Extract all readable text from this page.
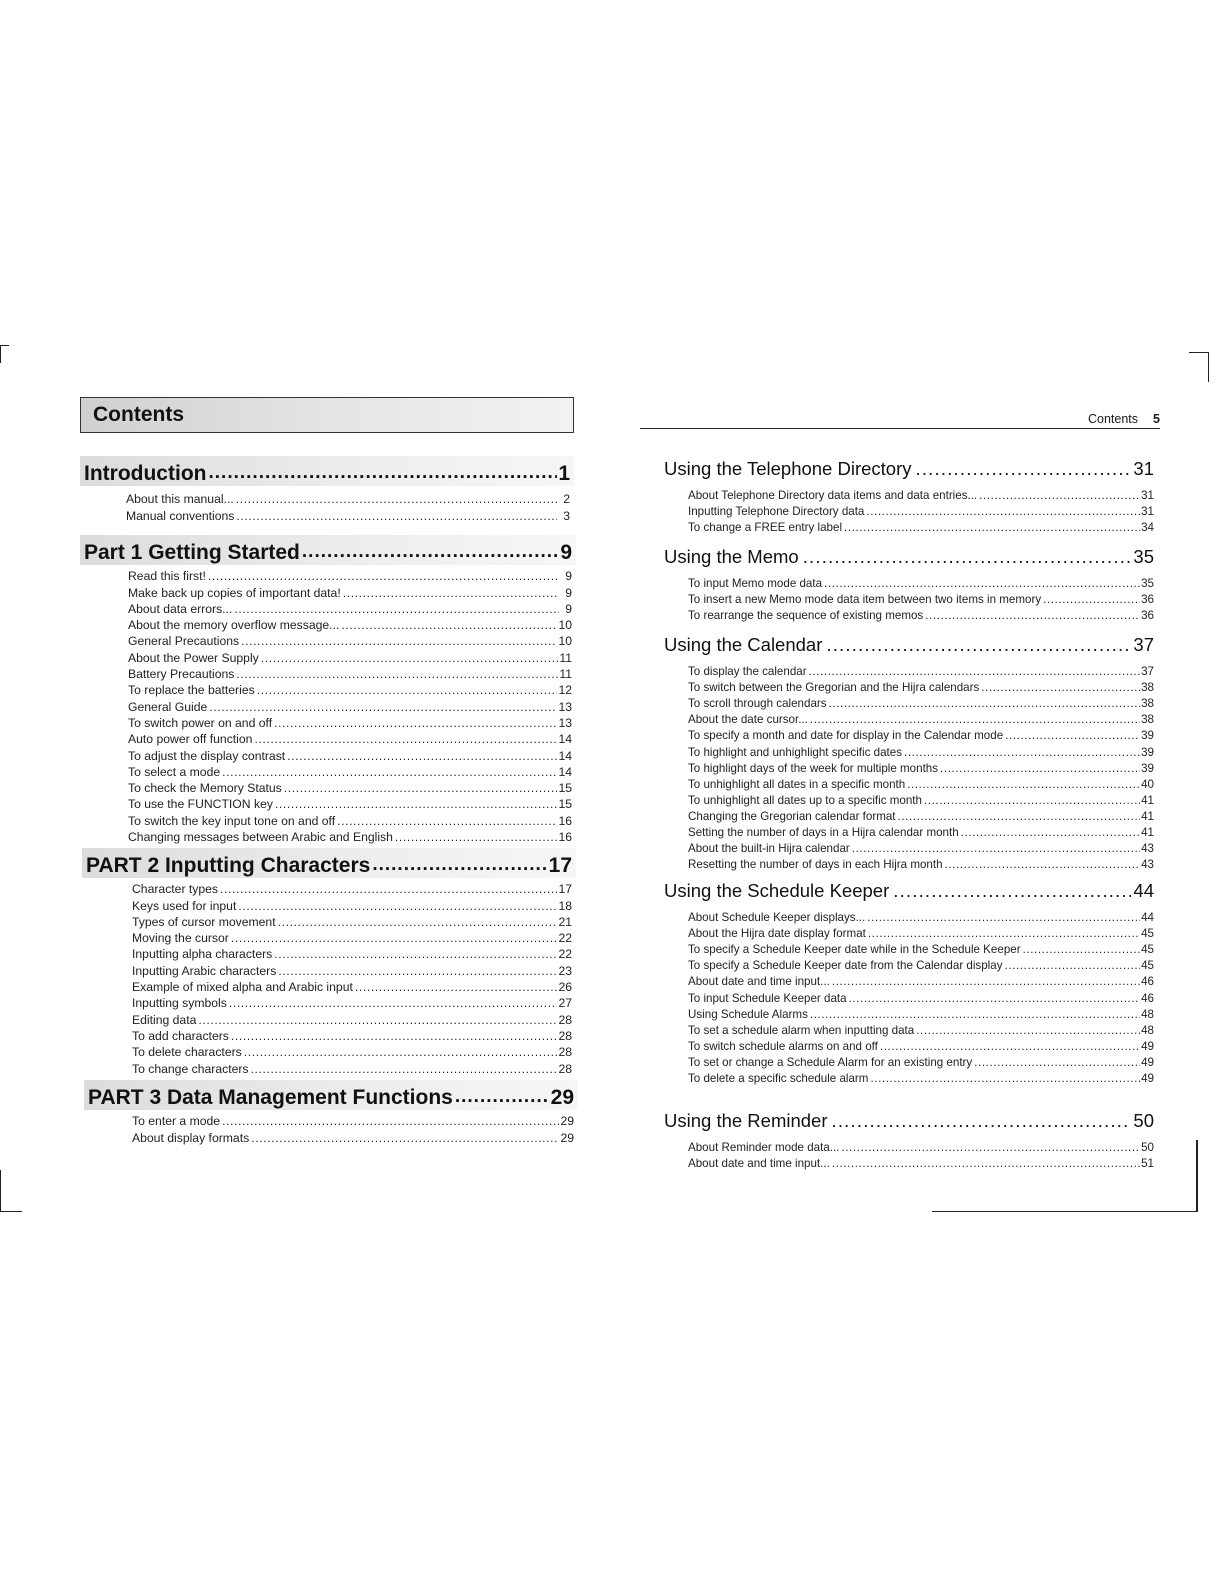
Contents
Introduction .....	1
About this manual... .....	2
Manual conventions .....	3
Part 1 Getting Started .....	9
Read this first! .....	9
Make back up copies of important data! .....	9
About data errors... .....	9
About the memory overflow message... .....	10
General Precautions .....	10
About the Power Supply .....	11
Battery Precautions .....	11
To replace the batteries .....	12
General Guide .....	13
To switch power on and off .....	13
Auto power off function .....	14
To adjust the display contrast .....	14
To select a mode .....	14
To check the Memory Status .....	15
To use the FUNCTION key .....	15
To switch the key input tone on and off .....	16
Changing messages between Arabic and English .....	16
PART 2 Inputting Characters .....	17
Character types .....	17
Keys used for input .....	18
Types of cursor movement .....	21
Moving the cursor .....	22
Inputting alpha characters .....	22
Inputting Arabic characters .....	23
Example of mixed alpha and Arabic input .....	26
Inputting symbols .....	27
Editing data .....	28
To add characters .....	28
To delete characters .....	28
To change characters .....	28
PART 3 Data Management Functions .....	29
To enter a mode .....	29
About display formats .....	29
Contents 5
Using the Telephone Directory .....	31
About Telephone Directory data items and data entries... .....	31
Inputting Telephone Directory data .....	31
To change a FREE entry label .....	34
Using the Memo .....	35
To input Memo mode data .....	35
To insert a new Memo mode data item between two items in memory .....	36
To rearrange the sequence of existing memos .....	36
Using the Calendar .....	37
To display the calendar .....	37
To switch between the Gregorian and the Hijra calendars .....	38
To scroll through calendars .....	38
About the date cursor... .....	38
To specify a month and date for display in the Calendar mode .....	39
To highlight and unhighlight specific dates .....	39
To highlight days of the week for multiple months .....	39
To unhighlight all dates in a specific month .....	40
To unhighlight all dates up to a specific month .....	41
Changing the Gregorian calendar format .....	41
Setting the number of days in a Hijra calendar month .....	41
About the built-in Hijra calendar .....	43
Resetting the number of days in each Hijra month .....	43
Using the Schedule Keeper .....	44
About Schedule Keeper displays... .....	44
About the Hijra date display format .....	45
To specify a Schedule Keeper date while in the Schedule Keeper .....	45
To specify a Schedule Keeper date from the Calendar display .....	45
About date and time input... .....	46
To input Schedule Keeper data .....	46
Using Schedule Alarms .....	48
To set a schedule alarm when inputting data .....	48
To switch schedule alarms on and off .....	49
To set or change a Schedule Alarm for an existing entry .....	49
To delete a specific schedule alarm .....	49
Using the Reminder .....	50
About Reminder mode data... .....	50
About date and time input... .....	51
